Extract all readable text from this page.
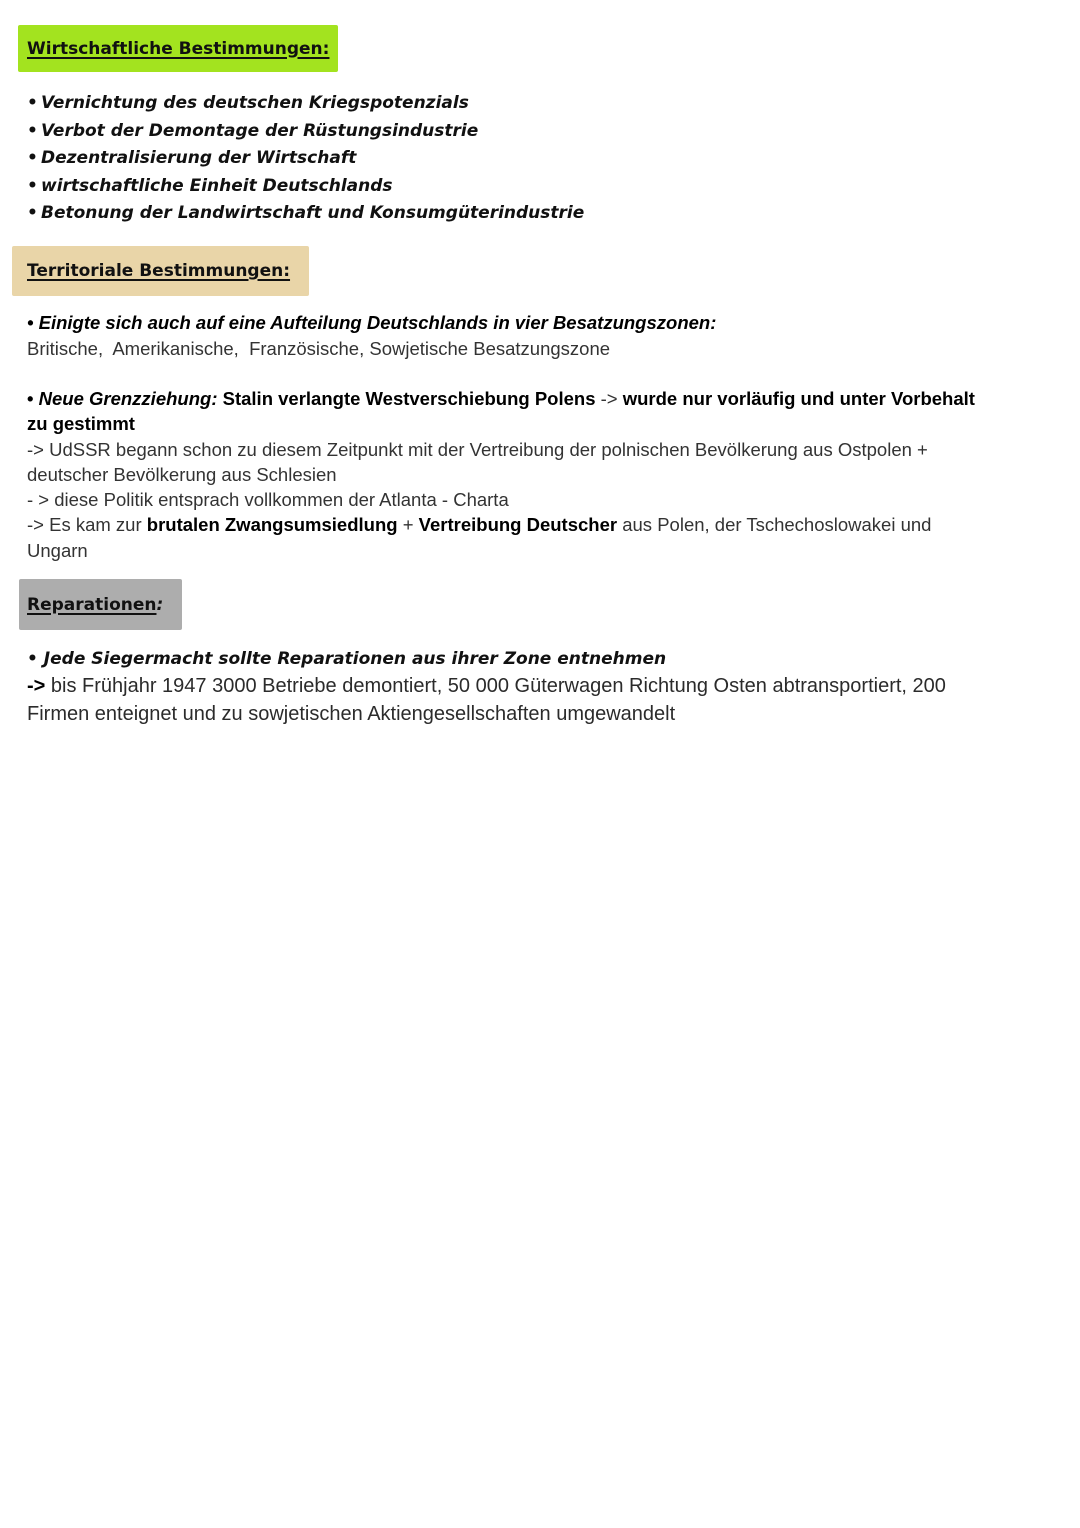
Wirtschaftliche Bestimmungen:
• Vernichtung des deutschen Kriegspotenzials
• Verbot der Demontage der Rüstungsindustrie
• Dezentralisierung der Wirtschaft
• wirtschaftliche Einheit Deutschlands
• Betonung der Landwirtschaft und Konsumgüterindustrie
Territoriale Bestimmungen:
• Einigte sich auch auf eine Aufteilung Deutschlands in vier Besatzungszonen:
Britische,  Amerikanische,  Französische, Sowjetische Besatzungszone

• Neue Grenzziehung: Stalin verlangte Westverschiebung Polens -> wurde nur vorläufig und unter Vorbehalt zu gestimmt

-> UdSSR begann schon zu diesem Zeitpunkt mit der Vertreibung der polnischen Bevölkerung aus Ostpolen + deutscher Bevölkerung aus Schlesien

- > diese Politik entsprach vollkommen der Atlanta - Charta

-> Es kam zur brutalen Zwangsumsiedlung + Vertreibung Deutscher aus Polen, der Tschechoslowakei und Ungarn

Reparationen :
• Jede Siegermacht sollte Reparationen aus ihrer Zone entnehmen

-> bis Frühjahr 1947 3000 Betriebe demontiert, 50 000 Güterwagen Richtung Osten abtransportiert, 200 Firmen enteignet und zu sowjetischen Aktiengesellschaften umgewandelt
